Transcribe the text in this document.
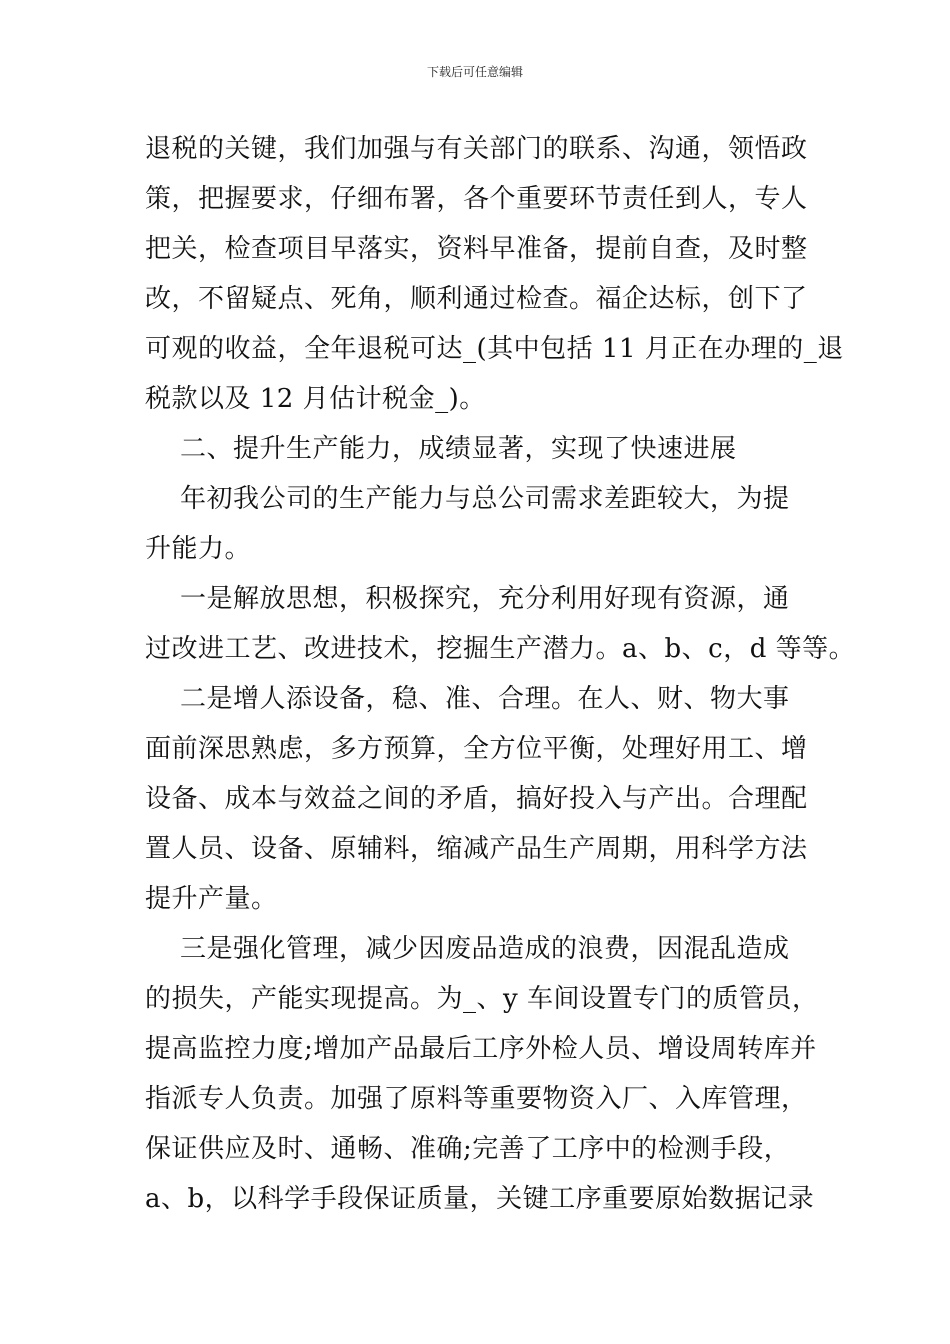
下载后可任意编辑
退税的关键，我们加强与有关部门的联系、沟通，领悟政
策，把握要求，仔细布署，各个重要环节责任到人，专人
把关，检查项目早落实，资料早准备，提前自查，及时整
改，不留疑点、死角，顺利通过检查。福企达标，创下了
可观的收益，全年退税可达_(其中包括 11 月正在办理的_退
税款以及 12 月估计税金_)。
二、提升生产能力，成绩显著，实现了快速进展
年初我公司的生产能力与总公司需求差距较大，为提
升能力。
一是解放思想，积极探究，充分利用好现有资源，通
过改进工艺、改进技术，挖掘生产潜力。a、b、c，d 等等。
二是增人添设备，稳、准、合理。在人、财、物大事
面前深思熟虑，多方预算，全方位平衡，处理好用工、增
设备、成本与效益之间的矛盾，搞好投入与产出。合理配
置人员、设备、原辅料，缩减产品生产周期，用科学方法
提升产量。
三是强化管理，减少因废品造成的浪费，因混乱造成
的损失，产能实现提高。为_、y 车间设置专门的质管员，
提高监控力度;增加产品最后工序外检人员、增设周转库并
指派专人负责。加强了原料等重要物资入厂、入库管理，
保证供应及时、通畅、准确;完善了工序中的检测手段，
a、b，以科学手段保证质量，关键工序重要原始数据记录
